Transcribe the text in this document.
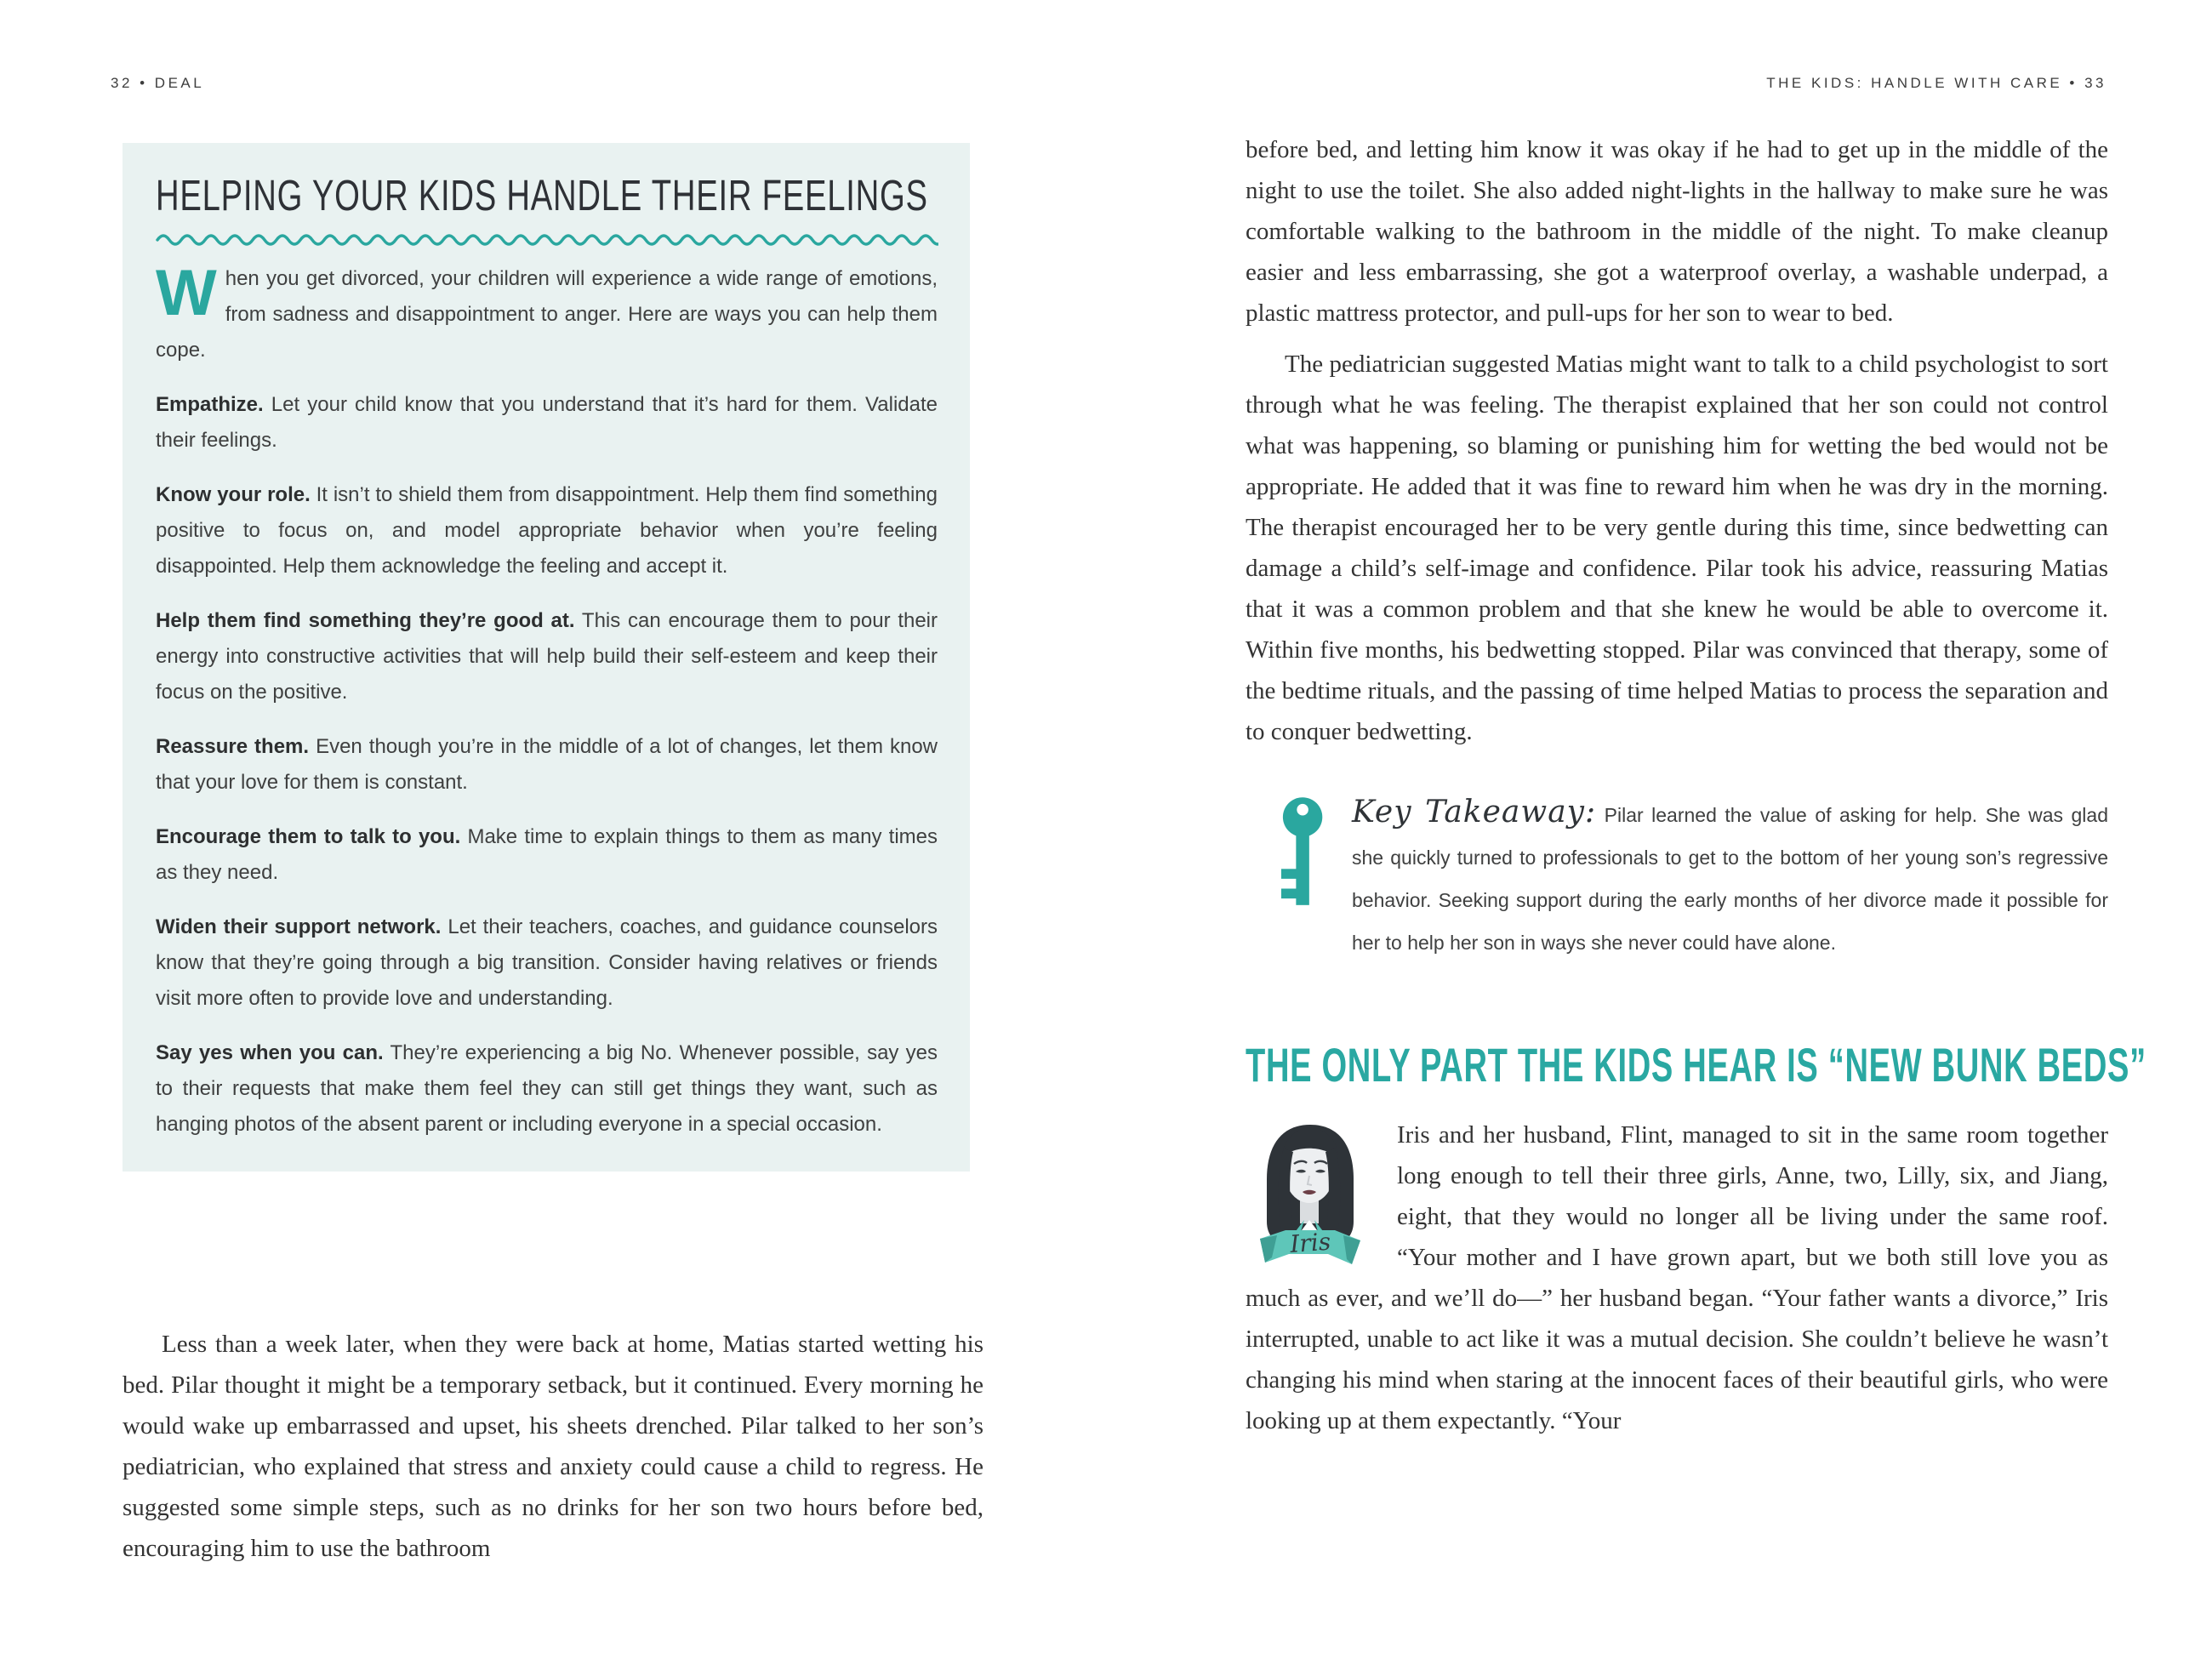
32 • DEAL	THE KIDS: HANDLE WITH CARE • 33
HELPING YOUR KIDS HANDLE THEIR FEELINGS

When you get divorced, your children will experience a wide range of emotions, from sadness and disappointment to anger. Here are ways you can help them cope.

Empathize. Let your child know that you understand that it’s hard for them. Validate their feelings.

Know your role. It isn’t to shield them from disappointment. Help them find something positive to focus on, and model appropriate behavior when you’re feeling disappointed. Help them acknowledge the feeling and accept it.

Help them find something they’re good at. This can encourage them to pour their energy into constructive activities that will help build their self-esteem and keep their focus on the positive.

Reassure them. Even though you’re in the middle of a lot of changes, let them know that your love for them is constant.

Encourage them to talk to you. Make time to explain things to them as many times as they need.

Widen their support network. Let their teachers, coaches, and guidance counselors know that they’re going through a big transition. Consider having relatives or friends visit more often to provide love and understanding.

Say yes when you can. They’re experiencing a big No. Whenever possible, say yes to their requests that make them feel they can still get things they want, such as hanging photos of the absent parent or including everyone in a special occasion.

Less than a week later, when they were back at home, Matias started wetting his bed. Pilar thought it might be a temporary setback, but it continued. Every morning he would wake up embarrassed and upset, his sheets drenched. Pilar talked to her son’s pediatrician, who explained that stress and anxiety could cause a child to regress. He suggested some simple steps, such as no drinks for her son two hours before bed, encouraging him to use the bathroom

before bed, and letting him know it was okay if he had to get up in the middle of the night to use the toilet. She also added night-lights in the hallway to make sure he was comfortable walking to the bathroom in the middle of the night. To make cleanup easier and less embarrassing, she got a waterproof overlay, a washable underpad, a plastic mattress protector, and pull-ups for her son to wear to bed.

The pediatrician suggested Matias might want to talk to a child psychologist to sort through what he was feeling. The therapist explained that her son could not control what was happening, so blaming or punishing him for wetting the bed would not be appropriate. He added that it was fine to reward him when he was dry in the morning. The therapist encouraged her to be very gentle during this time, since bedwetting can damage a child’s self-image and confidence. Pilar took his advice, reassuring Matias that it was a common problem and that she knew he would be able to overcome it. Within five months, his bedwetting stopped. Pilar was convinced that therapy, some of the bedtime rituals, and the passing of time helped Matias to process the separation and to conquer bedwetting.

Key Takeaway: Pilar learned the value of asking for help. She was glad she quickly turned to professionals to get to the bottom of her young son’s regressive behavior. Seeking support during the early months of her divorce made it possible for her to help her son in ways she never could have alone.

THE ONLY PART THE KIDS HEAR IS “NEW BUNK BEDS”
Iris

Iris and her husband, Flint, managed to sit in the same room together long enough to tell their three girls, Anne, two, Lilly, six, and Jiang, eight, that they would no longer all be living under the same roof. “Your mother and I have grown apart, but we both still love you as much as ever, and we’ll do—” her husband began. “Your father wants a divorce,” Iris interrupted, unable to act like it was a mutual decision. She couldn’t believe he wasn’t changing his mind when staring at the innocent faces of their beautiful girls, who were looking up at them expectantly. “Your
